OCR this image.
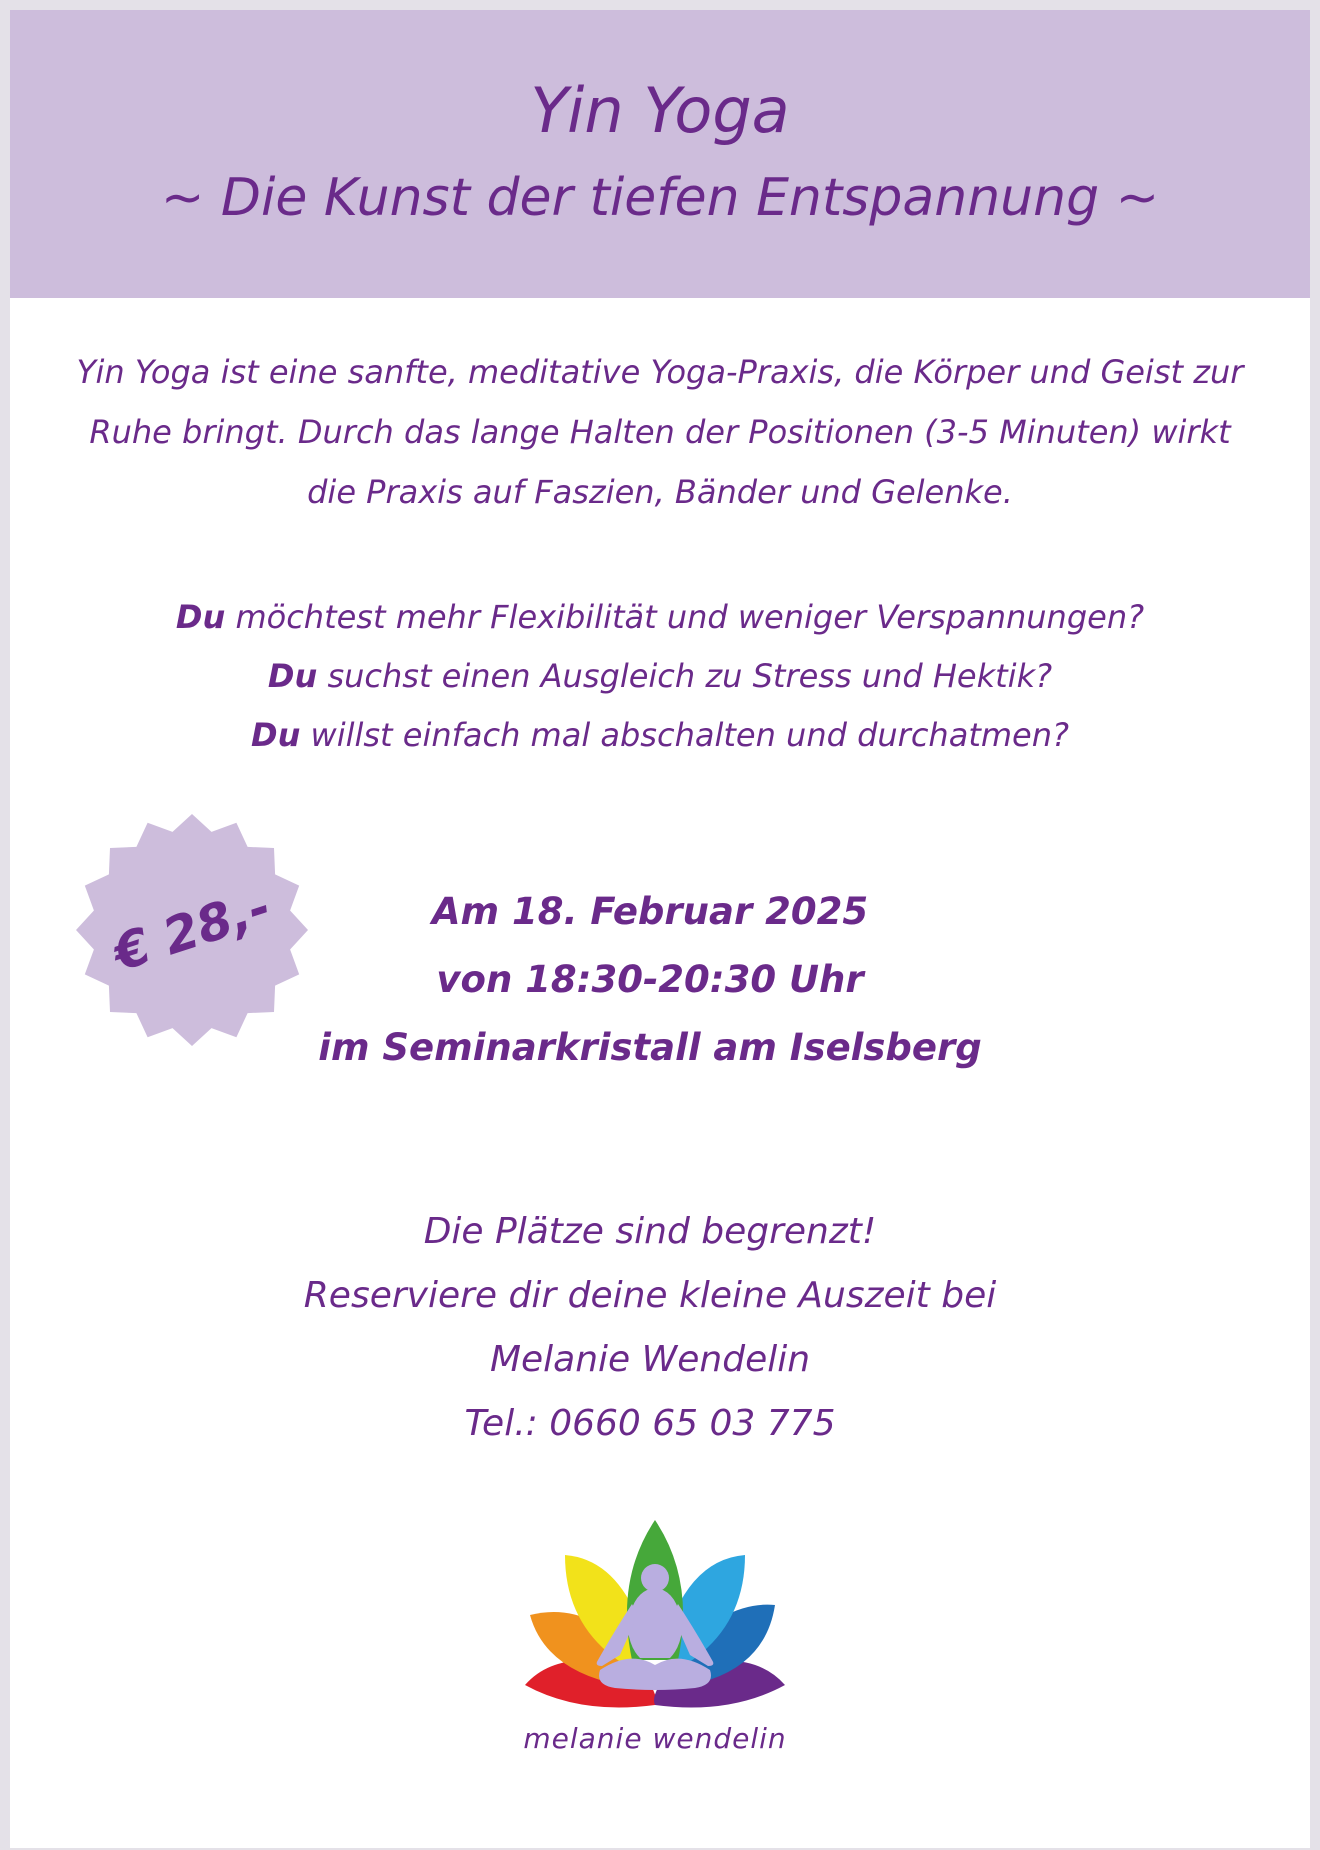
Yin Yoga
~ Die Kunst der tiefen Entspannung ~
Yin Yoga ist eine sanfte, meditative Yoga-Praxis, die Körper und Geist zur
Ruhe bringt. Durch das lange Halten der Positionen (3-5 Minuten) wirkt
die Praxis auf Faszien, Bänder und Gelenke.
Du möchtest mehr Flexibilität und weniger Verspannungen?
Du suchst einen Ausgleich zu Stress und Hektik?
Du willst einfach mal abschalten und durchatmen?
€ 28,-	Am 18. Februar 2025
von 18:30-20:30 Uhr
im Seminarkristall am Iselsberg
Die Plätze sind begrenzt!
Reserviere dir deine kleine Auszeit bei
Melanie Wendelin
Tel.: 0660 65 03 775
melanie wendelin
